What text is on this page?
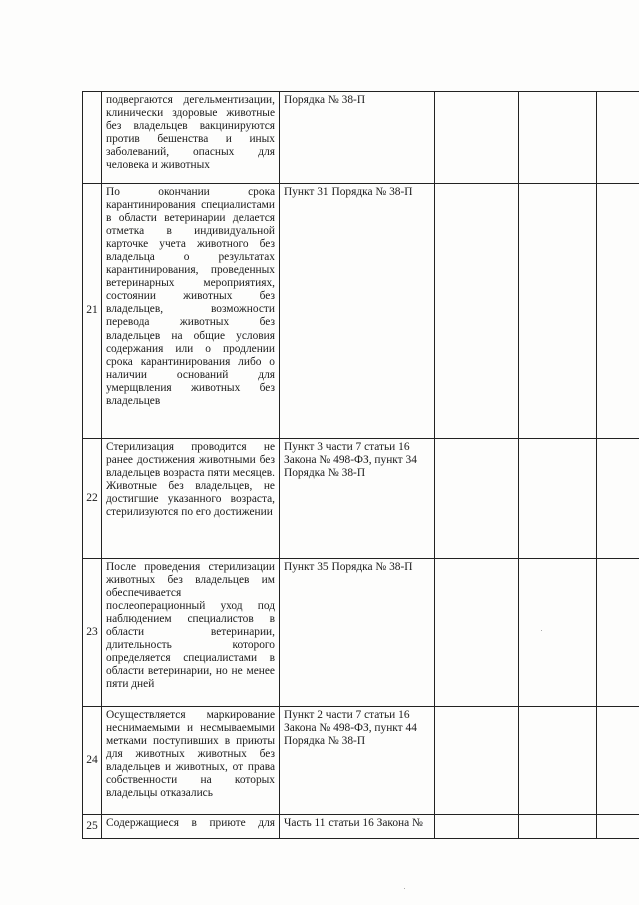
	подвергаются дегельментизации, клинически здоровые животные без владельцев вакцинируются против бешенства и иных заболеваний, опасных для человека и животных	Порядка № 38-П			
21	По окончании срока карантинирования специалистами в области ветеринарии делается отметка в индивидуальной карточке учета животного без владельца о результатах карантинирования, проведенных ветеринарных мероприятиях, состоянии животных без владельцев, возможности перевода животных без владельцев на общие условия содержания или о продлении срока карантинирования либо о наличии оснований для умерщвления животных без владельцев	Пункт 31 Порядка № 38-П			
22	Стерилизация проводится не ранее достижения животными без владельцев возраста пяти месяцев. Животные без владельцев, не достигшие указанного возраста, стерилизуются по его достижении	Пункт 3 части 7 статьи 16 Закона № 498-ФЗ, пункт 34 Порядка № 38-П			
23	После проведения стерилизации животных без владельцев им обеспечивается послеоперационный уход под наблюдением специалистов в области ветеринарии, длительность которого определяется специалистами в области ветеринарии, но не менее пяти дней	Пункт 35 Порядка № 38-П			
24	Осуществляется маркирование неснимаемыми и несмываемыми метками поступивших в приюты для животных животных без владельцев и животных, от права собственности на которых владельцы отказались	Пункт 2 части 7 статьи 16 Закона № 498-ФЗ, пункт 44 Порядка № 38-П			
25	Содержащиеся в приюте для	Часть 11 статьи 16 Закона №			
